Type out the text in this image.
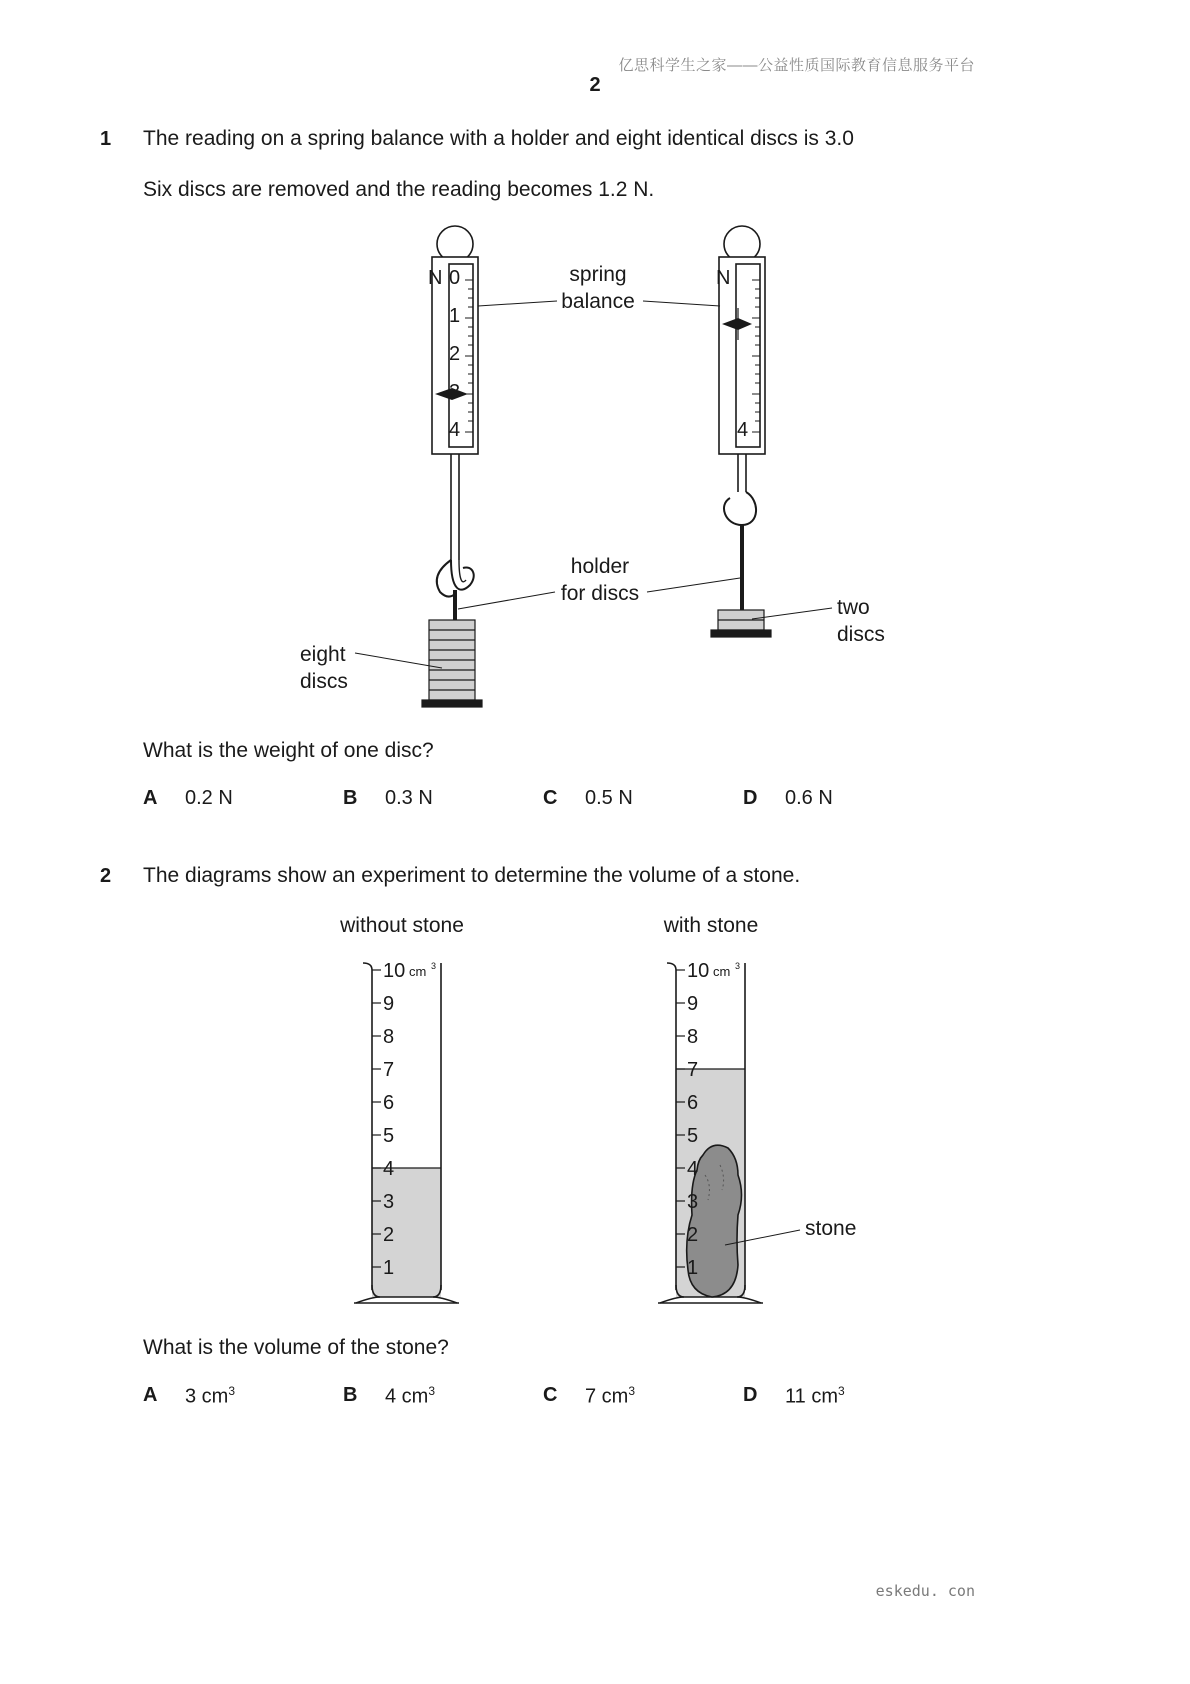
亿思科学生之家——公益性质国际教育信息服务平台
2
1 The reading on a spring balance with a holder and eight identical discs is 3.0
Six discs are removed and the reading becomes 1.2 N.
N 0
1
2
3
4
N
4
spring
balance
holder
for discs
eight
discs
two
discs
10 cm 3
9
8
7
6
5
4
3
2
1
10 cm 3
9
8
7
6
5
4
3
2
1
without stone	with stone
stone
What is the weight of one disc?
A 0.2 N	B 0.3 N	C 0.5 N	D 0.6 N
2 The diagrams show an experiment to determine the volume of a stone.
What is the volume of the stone?
A 3 $cm^3$	B 4 $cm^3$	C 7 $cm^3$	D 11 $cm^3$
eskedu. con
